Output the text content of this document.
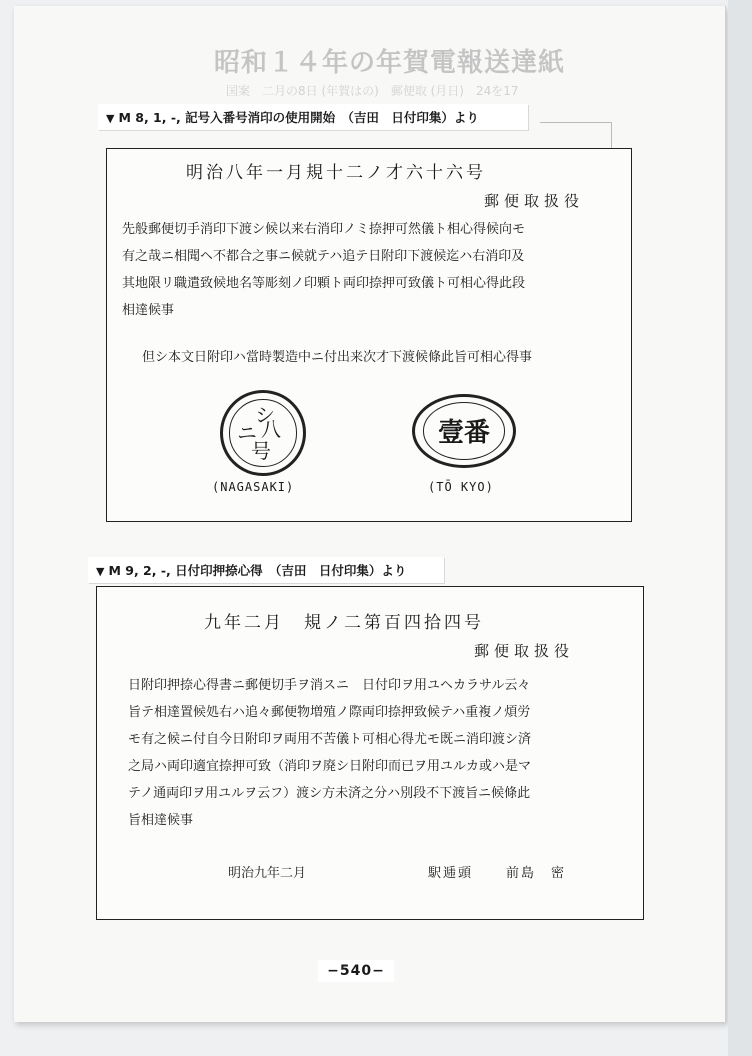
昭和１４年の年賀電報送達紙
国案　二月の8日 (年賀はの)　郵便取 (月日)　24を17
▼ M 8, 1, -, 記号入番号消印の使用開始　（吉田　日付印集）より
明治八年一月規十二ノ才六十六号
郵便取扱役
先般郵便切手消印下渡シ候以来右消印ノミ捺押可然儀ト相心得候向モ
有之哉ニ相聞ヘ不都合之事ニ候就テハ追テ日附印下渡候迄ハ右消印及
其地限リ職遣致候地名等彫刻ノ印顆ト両印捺押可致儀ト可相心得此段
相達候事
但シ本文日附印ハ當時製造中ニ付出来次才下渡候條此旨可相心得事
シ
ニ 八
号
(NAGASAKI)
壹番
(TŌ KYO)
▼ M 9, 2, -, 日付印押捺心得　（吉田　日付印集）より
九年二月　規ノ二第百四拾四号
郵便取扱役
日附印押捺心得書ニ郵便切手ヲ消スニ　日付印ヲ用ユヘカラサル云々
旨テ相達置候処右ハ追々郵便物増殖ノ際両印捺押致候テハ重複ノ煩労
モ有之候ニ付自今日附印ヲ両用不苦儀ト可相心得尤モ既ニ消印渡シ済
之局ハ両印適宜捺押可致（消印ヲ廃シ日附印而已ヲ用ユルカ或ハ是マ
テノ通両印ヲ用ユルヲ云フ）渡シ方未済之分ハ別段不下渡旨ニ候條此
旨相達候事
明治九年二月	駅逓頭	前島　密
−540−
